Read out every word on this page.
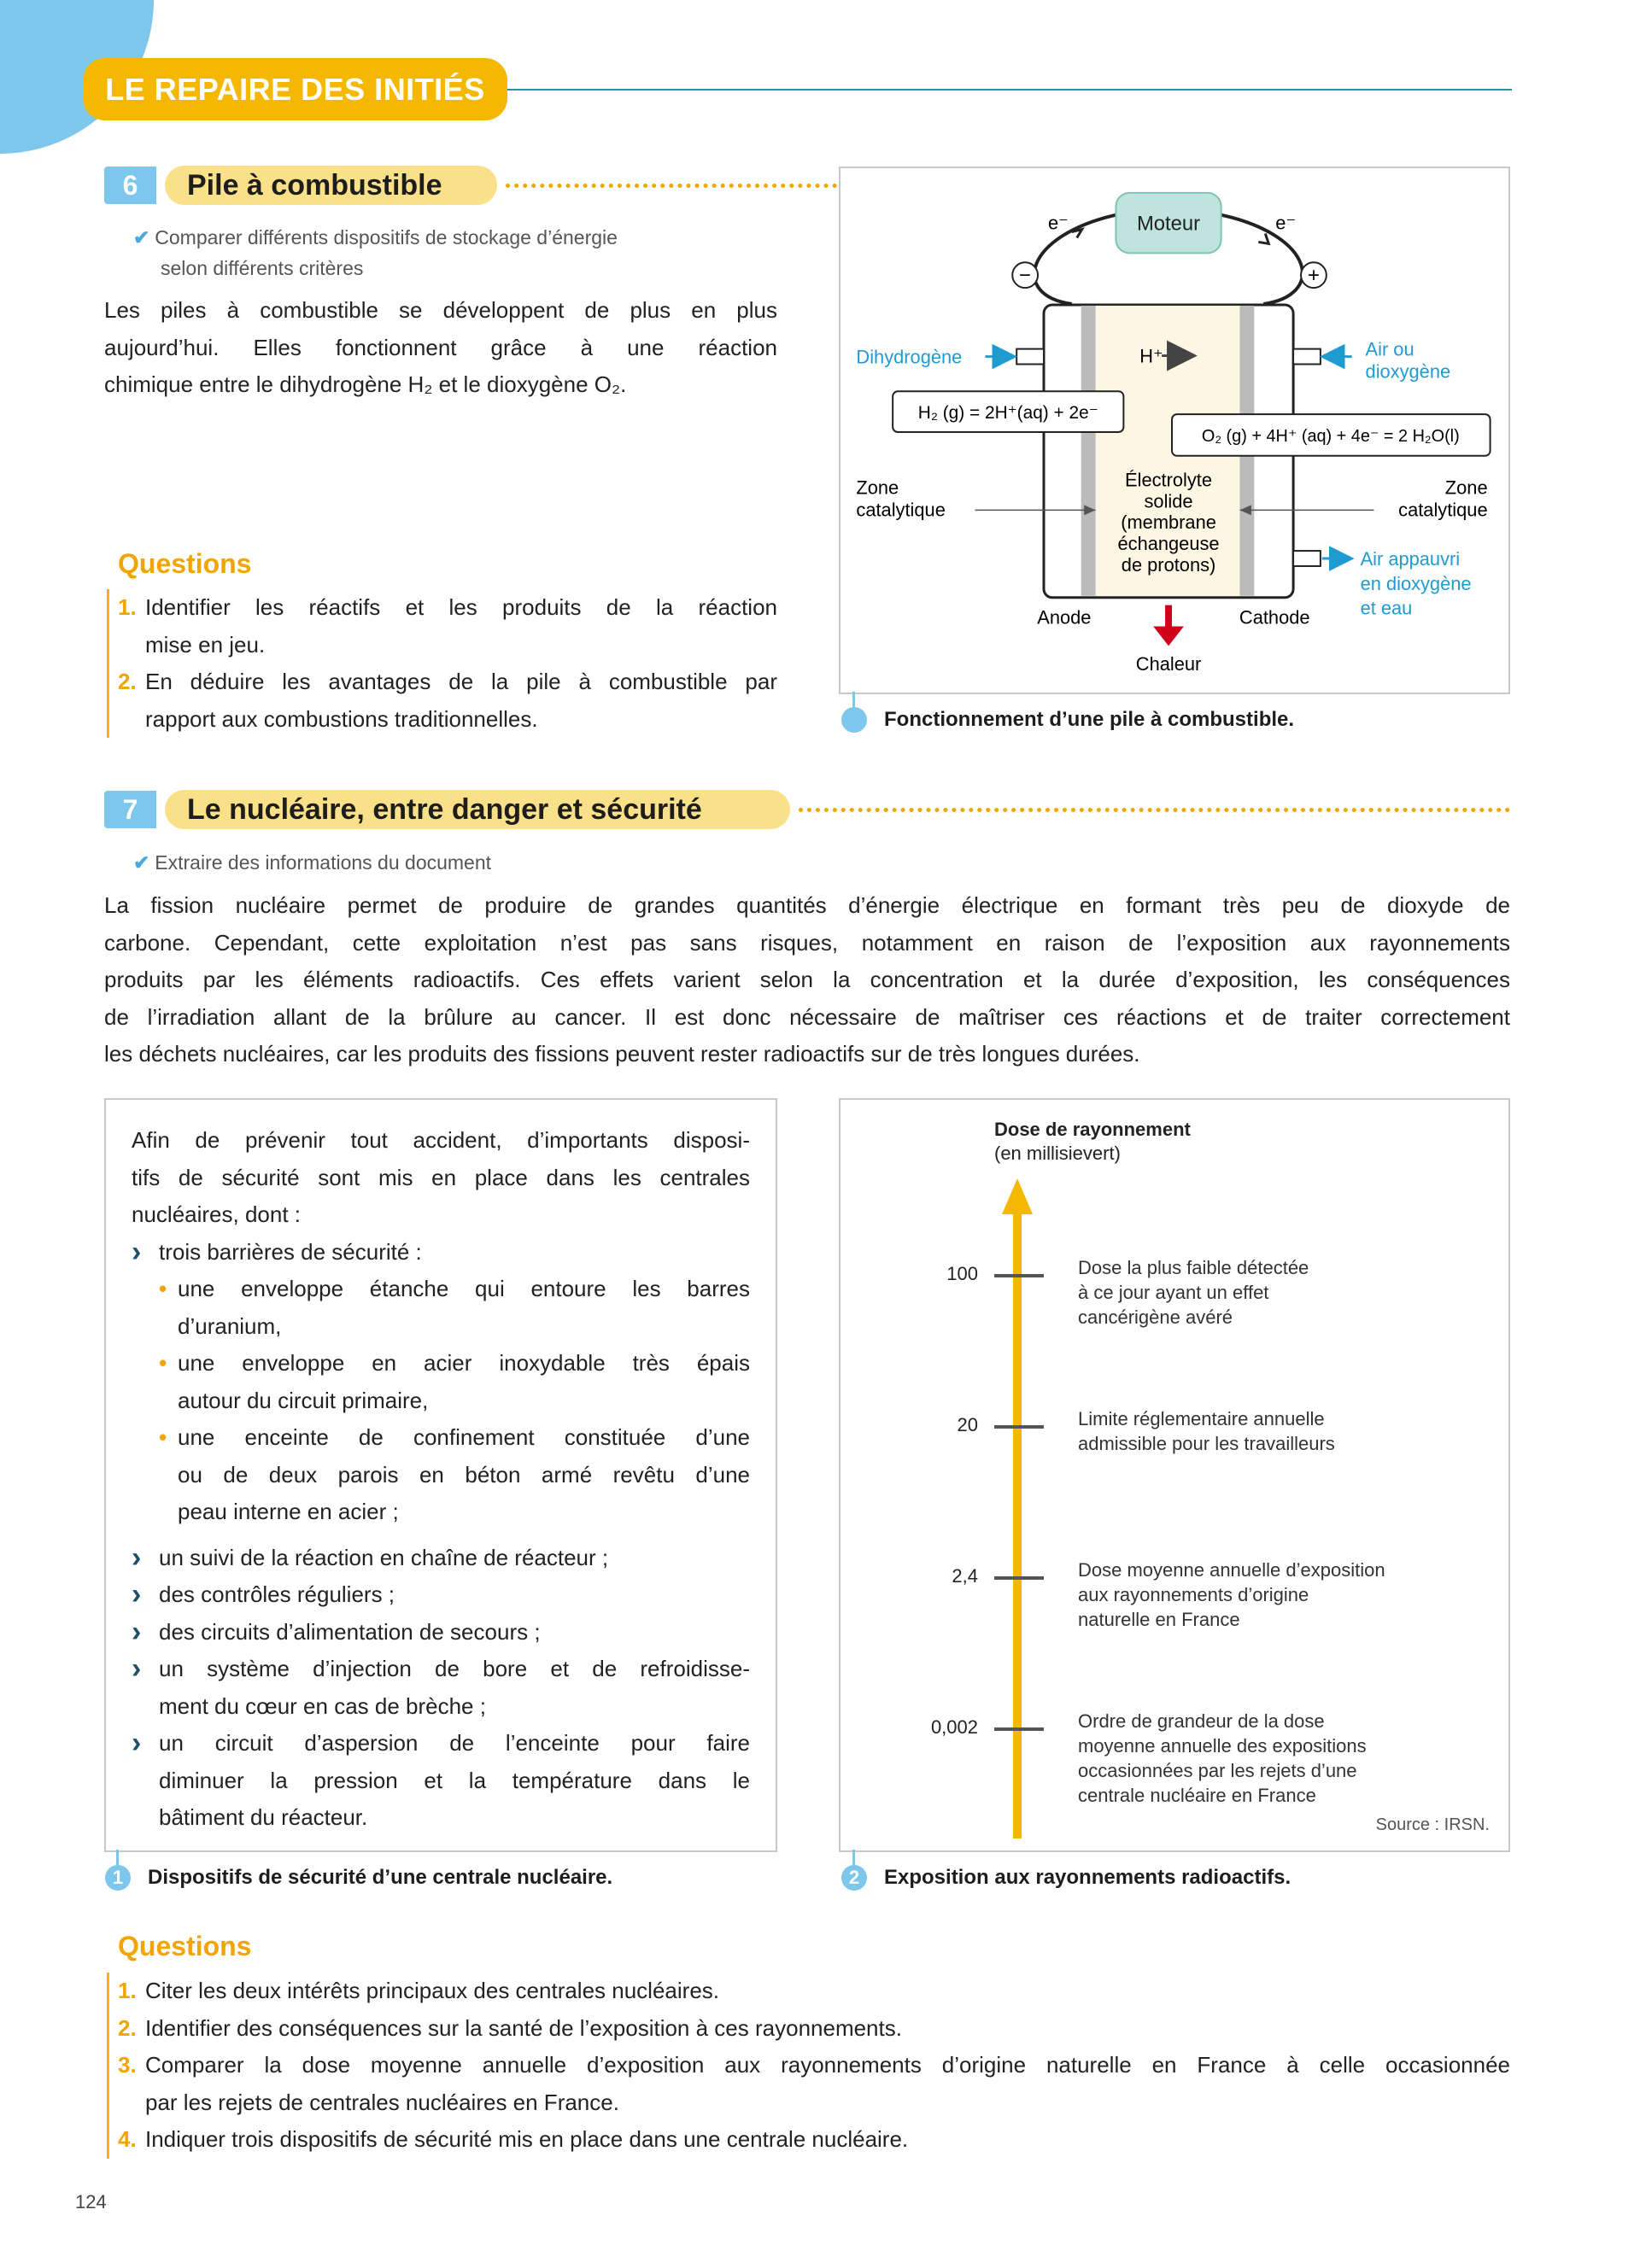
LE REPAIRE DES INITIÉS
6	Pile à combustible
✔ Comparer différents dispositifs de stockage d’énergie
selon différents critères
Les piles à combustible se développent de plus en plus
aujourd’hui. Elles fonctionnent grâce à une réaction
chimique entre le dihydrogène H₂ et le dioxygène O₂.
Questions
1. Identifier les réactifs et les produits de la réaction
mise en jeu.
2. En déduire les avantages de la pile à combustible par
rapport aux combustions traditionnelles.
Moteur
e⁻	e⁻
−	+
Dihydrogène	Air ou
dioxygène
Air appauvri
en dioxygène
et eau
H⁺
H₂ (g) = 2H⁺(aq) + 2e⁻
O₂ (g) + 4H⁺ (aq) + 4e⁻ = 2 H₂O(l)
Zone
catalytique
Zone
catalytique
Électrolyte
solide
(membrane
échangeuse
de protons)
Anode	Cathode
Chaleur
Fonctionnement d’une pile à combustible.
7	Le nucléaire, entre danger et sécurité
✔ Extraire des informations du document
La fission nucléaire permet de produire de grandes quantités d’énergie électrique en formant très peu de dioxyde de
carbone. Cependant, cette exploitation n’est pas sans risques, notamment en raison de l’exposition aux rayonnements
produits par les éléments radioactifs. Ces effets varient selon la concentration et la durée d’exposition, les conséquences
de l’irradiation allant de la brûlure au cancer. Il est donc nécessaire de maîtriser ces réactions et de traiter correctement
les déchets nucléaires, car les produits des fissions peuvent rester radioactifs sur de très longues durées.
Afin de prévenir tout accident, d’importants disposi-
tifs de sécurité sont mis en place dans les centrales
nucléaires, dont :
› trois barrières de sécurité :
• une enveloppe étanche qui entoure les barres
d’uranium,
• une enveloppe en acier inoxydable très épais
autour du circuit primaire,
• une enceinte de confinement constituée d’une
ou de deux parois en béton armé revêtu d’une
peau interne en acier ;
› un suivi de la réaction en chaîne de réacteur ;
› des contrôles réguliers ;
› des circuits d’alimentation de secours ;
› un système d’injection de bore et de refroidisse-
ment du cœur en cas de brèche ;
› un circuit d’aspersion de l’enceinte pour faire
diminuer la pression et la température dans le
bâtiment du réacteur.
1	Dispositifs de sécurité d’une centrale nucléaire.
Dose de rayonnement
(en millisievert)
100	Dose la plus faible détectée
à ce jour ayant un effet
cancérigène avéré
20	Limite réglementaire annuelle
admissible pour les travailleurs
2,4	Dose moyenne annuelle d’exposition
aux rayonnements d’origine
naturelle en France
0,002	Ordre de grandeur de la dose
moyenne annuelle des expositions
occasionnées par les rejets d’une
centrale nucléaire en France
Source : IRSN.
2	Exposition aux rayonnements radioactifs.
Questions
1. Citer les deux intérêts principaux des centrales nucléaires.
2. Identifier des conséquences sur la santé de l’exposition à ces rayonnements.
3. Comparer la dose moyenne annuelle d’exposition aux rayonnements d’origine naturelle en France à celle occasionnée
par les rejets de centrales nucléaires en France.
4. Indiquer trois dispositifs de sécurité mis en place dans une centrale nucléaire.
124
